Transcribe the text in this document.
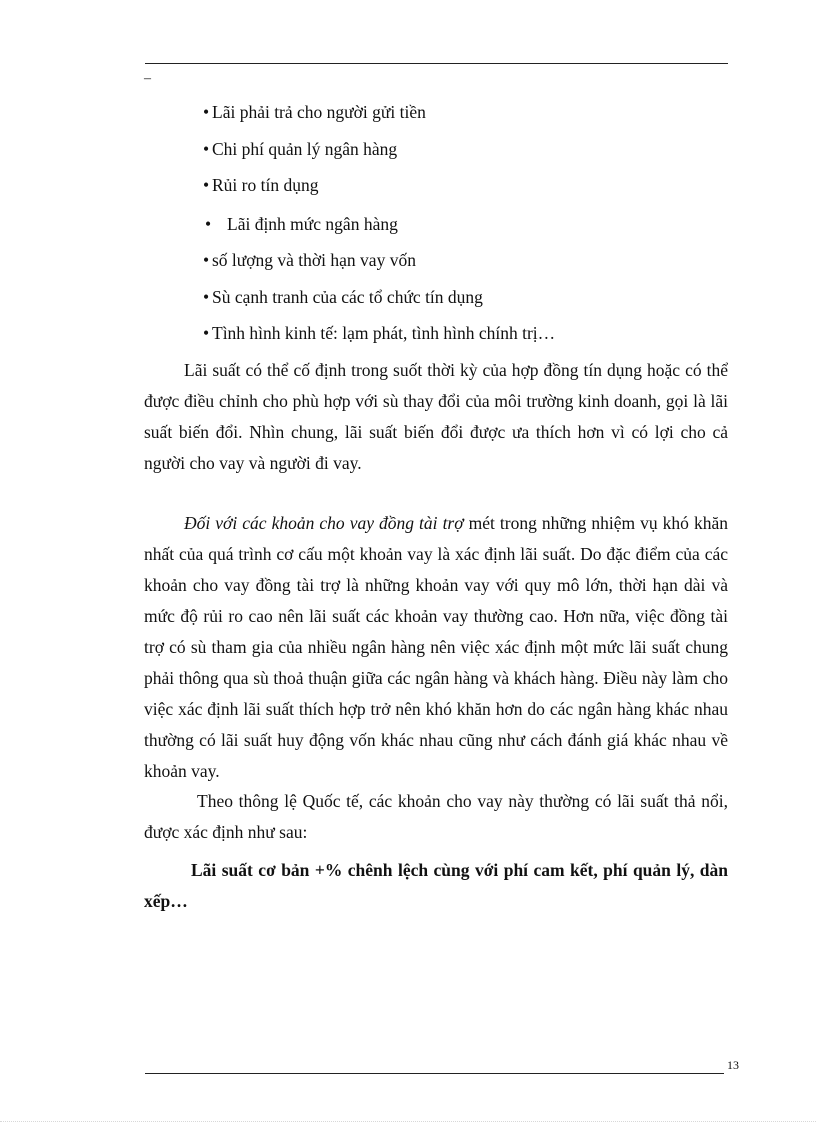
–
• Lãi phải trả cho người gửi tiền
• Chi phí quản lý ngân hàng
• Rủi ro tín dụng
• Lãi định mức ngân hàng
• số lượng và thời hạn vay vốn
• Sù cạnh tranh của các tổ chức tín dụng
• Tình hình kinh tế: lạm phát, tình hình chính trị…

Lãi suất có thể cố định trong suốt thời kỳ của hợp đồng tín dụng hoặc có thể được điều chỉnh cho phù hợp với sù thay đổi của môi trường kinh doanh, gọi là lãi suất biến đổi. Nhìn chung, lãi suất biến đổi được ưa thích hơn vì có lợi cho cả người cho vay và người đi vay.

Đối với các khoản cho vay đồng tài trợ mét trong những nhiệm vụ khó khăn nhất của quá trình cơ cấu một khoản vay là xác định lãi suất. Do đặc điểm của các khoản cho vay đồng tài trợ là những khoản vay với quy mô lớn, thời hạn dài và mức độ rủi ro cao nên lãi suất các khoản vay thường cao. Hơn nữa, việc đồng tài trợ có sù tham gia của nhiều ngân hàng nên việc xác định một mức lãi suất chung phải thông qua sù thoả thuận giữa các ngân hàng và khách hàng. Điều này làm cho việc xác định lãi suất thích hợp trở nên khó khăn hơn do các ngân hàng khác nhau thường có lãi suất huy động vốn khác nhau cũng như cách đánh giá khác nhau về khoản vay.

Theo thông lệ Quốc tế, các khoản cho vay này thường có lãi suất thả nổi, được xác định như sau:

Lãi suất cơ bản +% chênh lệch cùng với phí cam kết, phí quản lý, dàn xếp…

13
